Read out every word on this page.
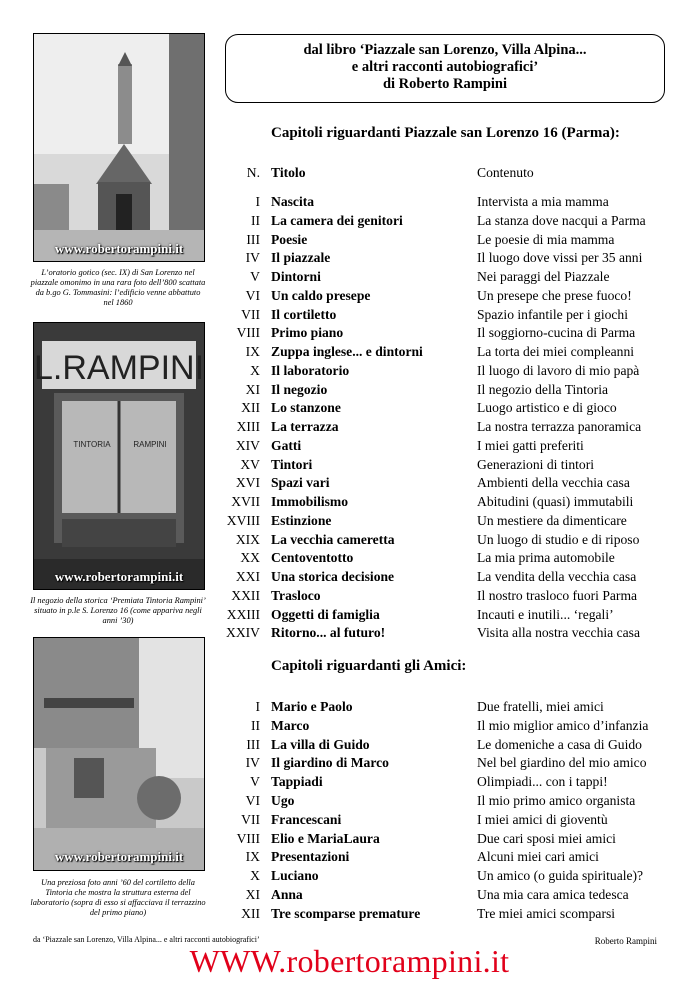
www.robertorampini.it
L’oratorio gotico (sec. IX) di San Lorenzo nel piazzale omonimo in una rara foto dell’800 scattata da b.go G. Tommasini: l’edificio venne abbattuto nel 1860
L.RAMPINI
TINTORIA	RAMPINI
www.robertorampini.it
Il negozio della storica ‘Premiata Tintoria Rampini’ situato in p.le S. Lorenzo 16 (come appariva negli anni ’30)
www.robertorampini.it
Una preziosa foto anni ’60 del cortiletto della Tintoria che mostra la struttura esterna del laboratorio (sopra di esso si affacciava il terrazzino del primo piano)
dal libro ‘Piazzale san Lorenzo, Villa Alpina...
e altri racconti autobiografici’
di Roberto Rampini
Capitoli riguardanti Piazzale san Lorenzo 16 (Parma):
N. Titolo	Contenuto
I Nascita	Intervista a mia mamma
II La camera dei genitori	La stanza dove nacqui a Parma
III Poesie	Le poesie di mia mamma
IV Il piazzale	Il luogo dove vissi per 35 anni
V Dintorni	Nei paraggi del Piazzale
VI Un caldo presepe	Un presepe che prese fuoco!
VII Il cortiletto	Spazio infantile per i giochi
VIII Primo piano	Il soggiorno-cucina di Parma
IX Zuppa inglese... e dintorni	La torta dei miei compleanni
X Il laboratorio	Il luogo di lavoro di mio papà
XI Il negozio	Il negozio della Tintoria
XII Lo stanzone	Luogo artistico e di gioco
XIII La terrazza	La nostra terrazza panoramica
XIV Gatti	I miei gatti preferiti
XV Tintori	Generazioni di tintori
XVI Spazi vari	Ambienti della vecchia casa
XVII Immobilismo	Abitudini (quasi) immutabili
XVIII Estinzione	Un mestiere da dimenticare
XIX La vecchia cameretta	Un luogo di studio e di riposo
XX Centoventotto	La mia prima automobile
XXI Una storica decisione	La vendita della vecchia casa
XXII Trasloco	Il nostro trasloco fuori Parma
XXIII Oggetti di famiglia	Incauti e inutili... ‘regali’
XXIV Ritorno... al futuro!	Visita alla nostra vecchia casa
Capitoli riguardanti gli Amici:
I Mario e Paolo	Due fratelli, miei amici
II Marco	Il mio miglior amico d’infanzia
III La villa di Guido	Le domeniche a casa di Guido
IV Il giardino di Marco	Nel bel giardino del mio amico
V Tappiadi	Olimpiadi... con i tappi!
VI Ugo	Il mio primo amico organista
VII Francescani	I miei amici di gioventù
VIII Elio e MariaLaura	Due cari sposi miei amici
IX Presentazioni	Alcuni miei cari amici
X Luciano	Un amico (o guida spirituale)?
XI Anna	Una mia cara amica tedesca
XII Tre scomparse premature	Tre miei amici scomparsi
da ‘Piazzale san Lorenzo, Villa Alpina... e altri racconti autobiografici’	Roberto Rampini
WWW.robertorampini.it
